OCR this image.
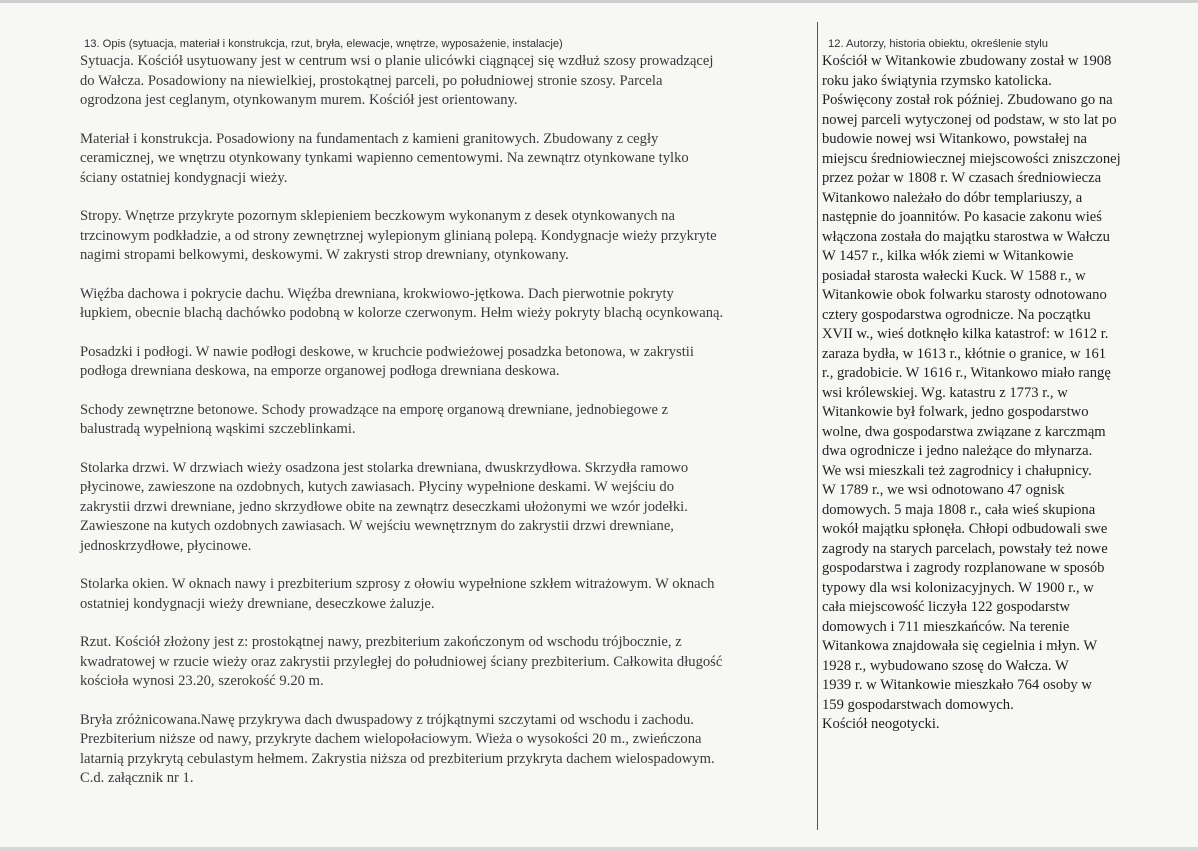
13. Opis (sytuacja, materiał i konstrukcja, rzut, bryła, elewacje, wnętrze, wyposażenie, instalacje)
Sytuacja. Kościół usytuowany jest w centrum wsi o planie ulicówki ciągnącej się wzdłuż szosy prowadzącej
do Wałcza. Posadowiony na niewielkiej, prostokątnej parceli, po południowej stronie szosy. Parcela
ogrodzona jest ceglanym, otynkowanym murem. Kościół jest orientowany.
Materiał i konstrukcja. Posadowiony na fundamentach z kamieni granitowych. Zbudowany z cegły
ceramicznej, we wnętrzu otynkowany tynkami wapienno cementowymi. Na zewnątrz otynkowane tylko
ściany ostatniej kondygnacji wieży.
Stropy. Wnętrze przykryte pozornym sklepieniem beczkowym wykonanym z desek otynkowanych na
trzcinowym podkładzie, a od strony zewnętrznej wylepionym glinianą polepą. Kondygnacje wieży przykryte
nagimi stropami belkowymi, deskowymi. W zakrysti strop drewniany, otynkowany.
Więźba dachowa i pokrycie dachu. Więźba drewniana, krokwiowo-jętkowa. Dach pierwotnie pokryty
łupkiem, obecnie blachą dachówko podobną w kolorze czerwonym. Hełm wieży pokryty blachą ocynkowaną.
Posadzki i podłogi. W nawie podłogi deskowe, w kruchcie podwieżowej posadzka betonowa, w zakrystii
podłoga drewniana deskowa, na emporze organowej podłoga drewniana deskowa.
Schody zewnętrzne betonowe. Schody prowadzące na emporę organową drewniane, jednobiegowe z
balustradą wypełnioną wąskimi szczeblinkami.
Stolarka drzwi. W drzwiach wieży osadzona jest stolarka drewniana, dwuskrzydłowa. Skrzydła ramowo
płycinowe, zawieszone na ozdobnych, kutych zawiasach. Płyciny wypełnione deskami. W wejściu do
zakrystii drzwi drewniane, jedno skrzydłowe obite na zewnątrz deseczkami ułożonymi we wzór jodełki.
Zawieszone na kutych ozdobnych zawiasach. W wejściu wewnętrznym do zakrystii drzwi drewniane,
jednoskrzydłowe, płycinowe.
Stolarka okien. W oknach nawy i prezbiterium szprosy z ołowiu wypełnione szkłem witrażowym. W oknach
ostatniej kondygnacji wieży drewniane, deseczkowe żaluzje.
Rzut. Kościół złożony jest z: prostokątnej nawy, prezbiterium zakończonym od wschodu trójbocznie, z
kwadratowej w rzucie wieży oraz zakrystii przyległej do południowej ściany prezbiterium. Całkowita długość
kościoła wynosi 23.20, szerokość 9.20 m.
Bryła zróżnicowana.Nawę przykrywa dach dwuspadowy z trójkątnymi szczytami od wschodu i zachodu.
Prezbiterium niższe od nawy, przykryte dachem wielopołaciowym. Wieża o wysokości 20 m., zwieńczona
latarnią przykrytą cebulastym hełmem. Zakrystia niższa od prezbiterium przykryta dachem wielospadowym.
C.d. załącznik nr 1.
12. Autorzy, historia obiektu, określenie stylu
Kościół w Witankowie zbudowany został w 1908
roku jako świątynia rzymsko katolicka.
Poświęcony został rok później. Zbudowano go na
nowej parceli wytyczonej od podstaw, w sto lat po
budowie nowej wsi Witankowo, powstałej na
miejscu średniowiecznej miejscowości zniszczonej
przez pożar w 1808 r. W czasach średniowiecza
Witankowo należało do dóbr templariuszy, a
następnie do joannitów. Po kasacie zakonu wieś
włączona została do majątku starostwa w Wałczu
W 1457 r., kilka włók ziemi w Witankowie
posiadał starosta wałecki Kuck. W 1588 r., w
Witankowie obok folwarku starosty odnotowano
cztery gospodarstwa ogrodnicze. Na początku
XVII w., wieś dotknęło kilka katastrof: w 1612 r.
zaraza bydła, w 1613 r., kłótnie o granice, w 161
r., gradobicie. W 1616 r., Witankowo miało rangę
wsi królewskiej. Wg. katastru z 1773 r., w
Witankowie był folwark, jedno gospodarstwo
wolne, dwa gospodarstwa związane z karczmąm
dwa ogrodnicze i jedno należące do młynarza.
We wsi mieszkali też zagrodnicy i chałupnicy.
W 1789 r., we wsi odnotowano 47 ognisk
domowych. 5 maja 1808 r., cała wieś skupiona
wokół majątku spłonęła. Chłopi odbudowali swe
zagrody na starych parcelach, powstały też nowe
gospodarstwa i zagrody rozplanowane w sposób
typowy dla wsi kolonizacyjnych. W 1900 r., w
cała miejscowość liczyła 122 gospodarstw
domowych i 711 mieszkańców. Na terenie
Witankowa znajdowała się cegielnia i młyn. W
1928 r., wybudowano szosę do Wałcza. W
1939 r. w Witankowie mieszkało 764 osoby w
159 gospodarstwach domowych.
Kościół neogotycki.
